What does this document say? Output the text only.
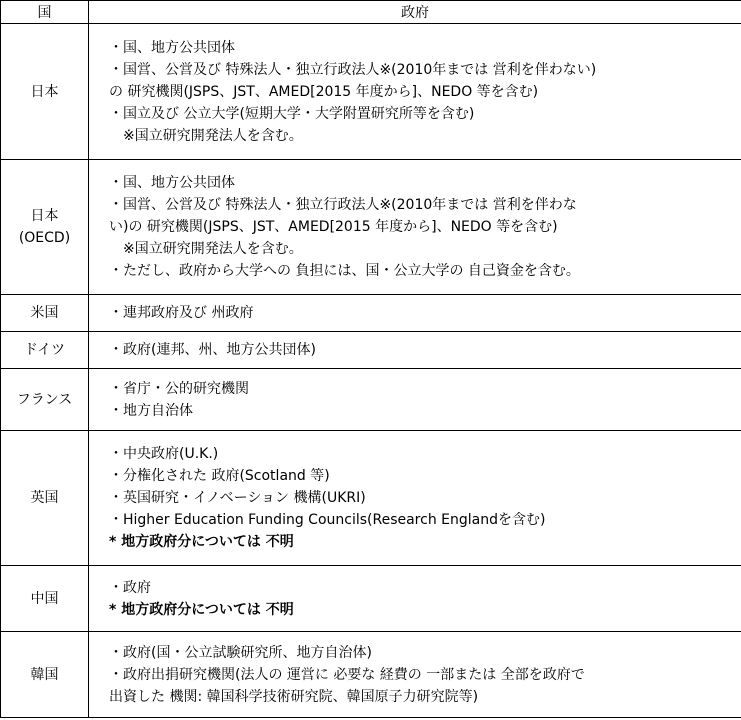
国	政府

日本	・国、地方公共団体
・国営、公営及び 特殊法人・独立行政法人※(2010年までは 営利を伴わない)
の 研究機関(JSPS、JST、AMED[2015 年度から]、NEDO 等を含む)
・国立及び 公立大学(短期大学・大学附置研究所等を含む)
※国立研究開発法人を含む。

日本
(OECD)	・国、地方公共団体
・国営、公営及び 特殊法人・独立行政法人※(2010年までは 営利を伴わな
い)の 研究機関(JSPS、JST、AMED[2015 年度から]、NEDO 等を含む)
※国立研究開発法人を含む。
・ただし、政府から大学への 負担には、国・公立大学の 自己資金を含む。

米国	・連邦政府及び 州政府

ドイツ	・政府(連邦、州、地方公共団体)

フランス	・省庁・公的研究機関
・地方自治体

英国	・中央政府(U.K.)
・分権化された 政府(Scotland 等)
・英国研究・イノベーション 機構(UKRI)
・Higher Education Funding Councils(Research Englandを含む)
* 地方政府分については 不明

中国	・政府
* 地方政府分については 不明

韓国	・政府(国・公立試験研究所、地方自治体)
・政府出捐研究機関(法人の 運営に 必要な 経費の 一部または 全部を政府で
出資した 機関: 韓国科学技術研究院、韓国原子力研究院等)
